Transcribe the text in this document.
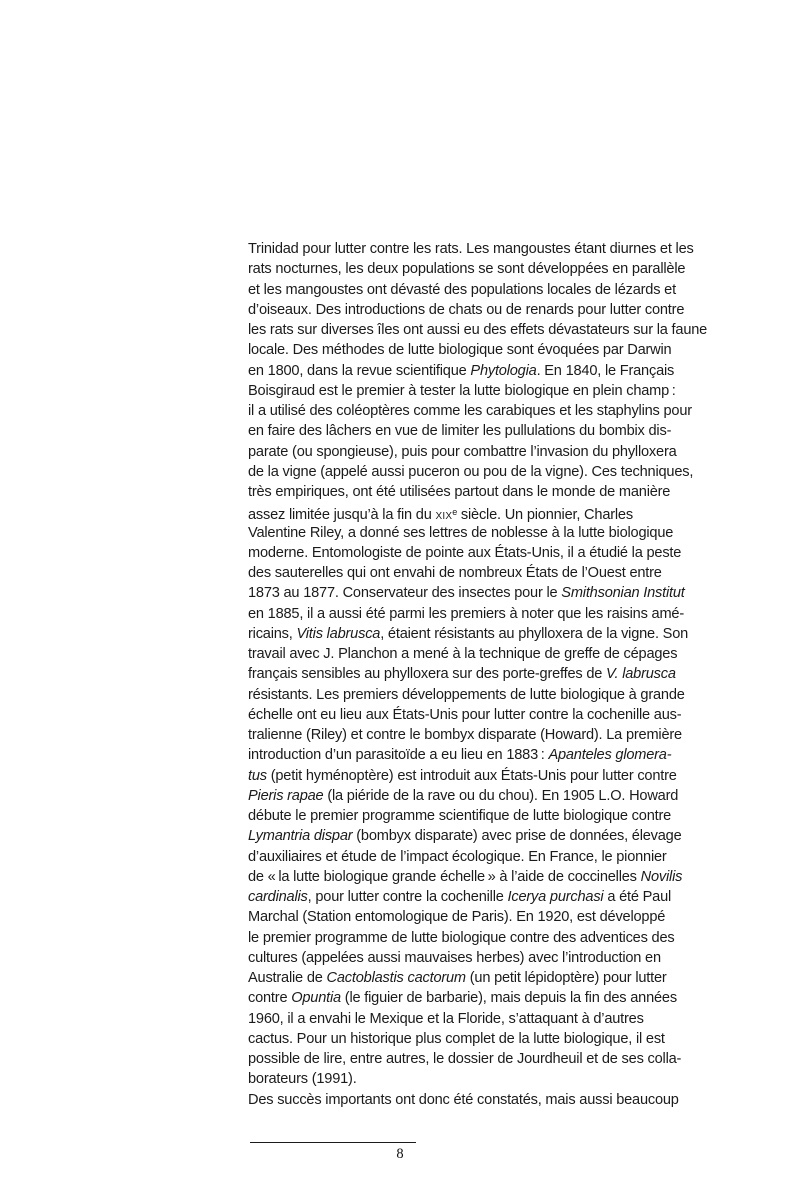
Trinidad pour lutter contre les rats. Les mangoustes étant diurnes et les
rats nocturnes, les deux populations se sont développées en parallèle
et les mangoustes ont dévasté des populations locales de lézards et
d’oiseaux. Des introductions de chats ou de renards pour lutter contre
les rats sur diverses îles ont aussi eu des effets dévastateurs sur la faune
locale. Des méthodes de lutte biologique sont évoquées par Darwin
en 1800, dans la revue scientifique Phytologia. En 1840, le Français
Boisgiraud est le premier à tester la lutte biologique en plein champ :
il a utilisé des coléoptères comme les carabiques et les staphylins pour
en faire des lâchers en vue de limiter les pullulations du bombix dis-
parate (ou spongieuse), puis pour combattre l’invasion du phylloxera
de la vigne (appelé aussi puceron ou pou de la vigne). Ces techniques,
très empiriques, ont été utilisées partout dans le monde de manière
assez limitée jusqu’à la fin du xix$^e$ siècle. Un pionnier, Charles
Valentine Riley, a donné ses lettres de noblesse à la lutte biologique
moderne. Entomologiste de pointe aux États-Unis, il a étudié la peste
des sauterelles qui ont envahi de nombreux États de l’Ouest entre
1873 au 1877. Conservateur des insectes pour le Smithsonian Institut
en 1885, il a aussi été parmi les premiers à noter que les raisins amé-
ricains, Vitis labrusca, étaient résistants au phylloxera de la vigne. Son
travail avec J. Planchon a mené à la technique de greffe de cépages
français sensibles au phylloxera sur des porte-greffes de V. labrusca
résistants. Les premiers développements de lutte biologique à grande
échelle ont eu lieu aux États-Unis pour lutter contre la cochenille aus-
tralienne (Riley) et contre le bombyx disparate (Howard). La première
introduction d’un parasitoïde a eu lieu en 1883 : Apanteles glomera-
tus (petit hyménoptère) est introduit aux États-Unis pour lutter contre
Pieris rapae (la piéride de la rave ou du chou). En 1905 L.O. Howard
débute le premier programme scientifique de lutte biologique contre
Lymantria dispar (bombyx disparate) avec prise de données, élevage
d’auxiliaires et étude de l’impact écologique. En France, le pionnier
de « la lutte biologique grande échelle » à l’aide de coccinelles Novilis
cardinalis, pour lutter contre la cochenille Icerya purchasi a été Paul
Marchal (Station entomologique de Paris). En 1920, est développé
le premier programme de lutte biologique contre des adventices des
cultures (appelées aussi mauvaises herbes) avec l’introduction en
Australie de Cactoblastis cactorum (un petit lépidoptère) pour lutter
contre Opuntia (le figuier de barbarie), mais depuis la fin des années
1960, il a envahi le Mexique et la Floride, s’attaquant à d’autres
cactus. Pour un historique plus complet de la lutte biologique, il est
possible de lire, entre autres, le dossier de Jourdheuil et de ses colla-
borateurs (1991).
Des succès importants ont donc été constatés, mais aussi beaucoup
8
